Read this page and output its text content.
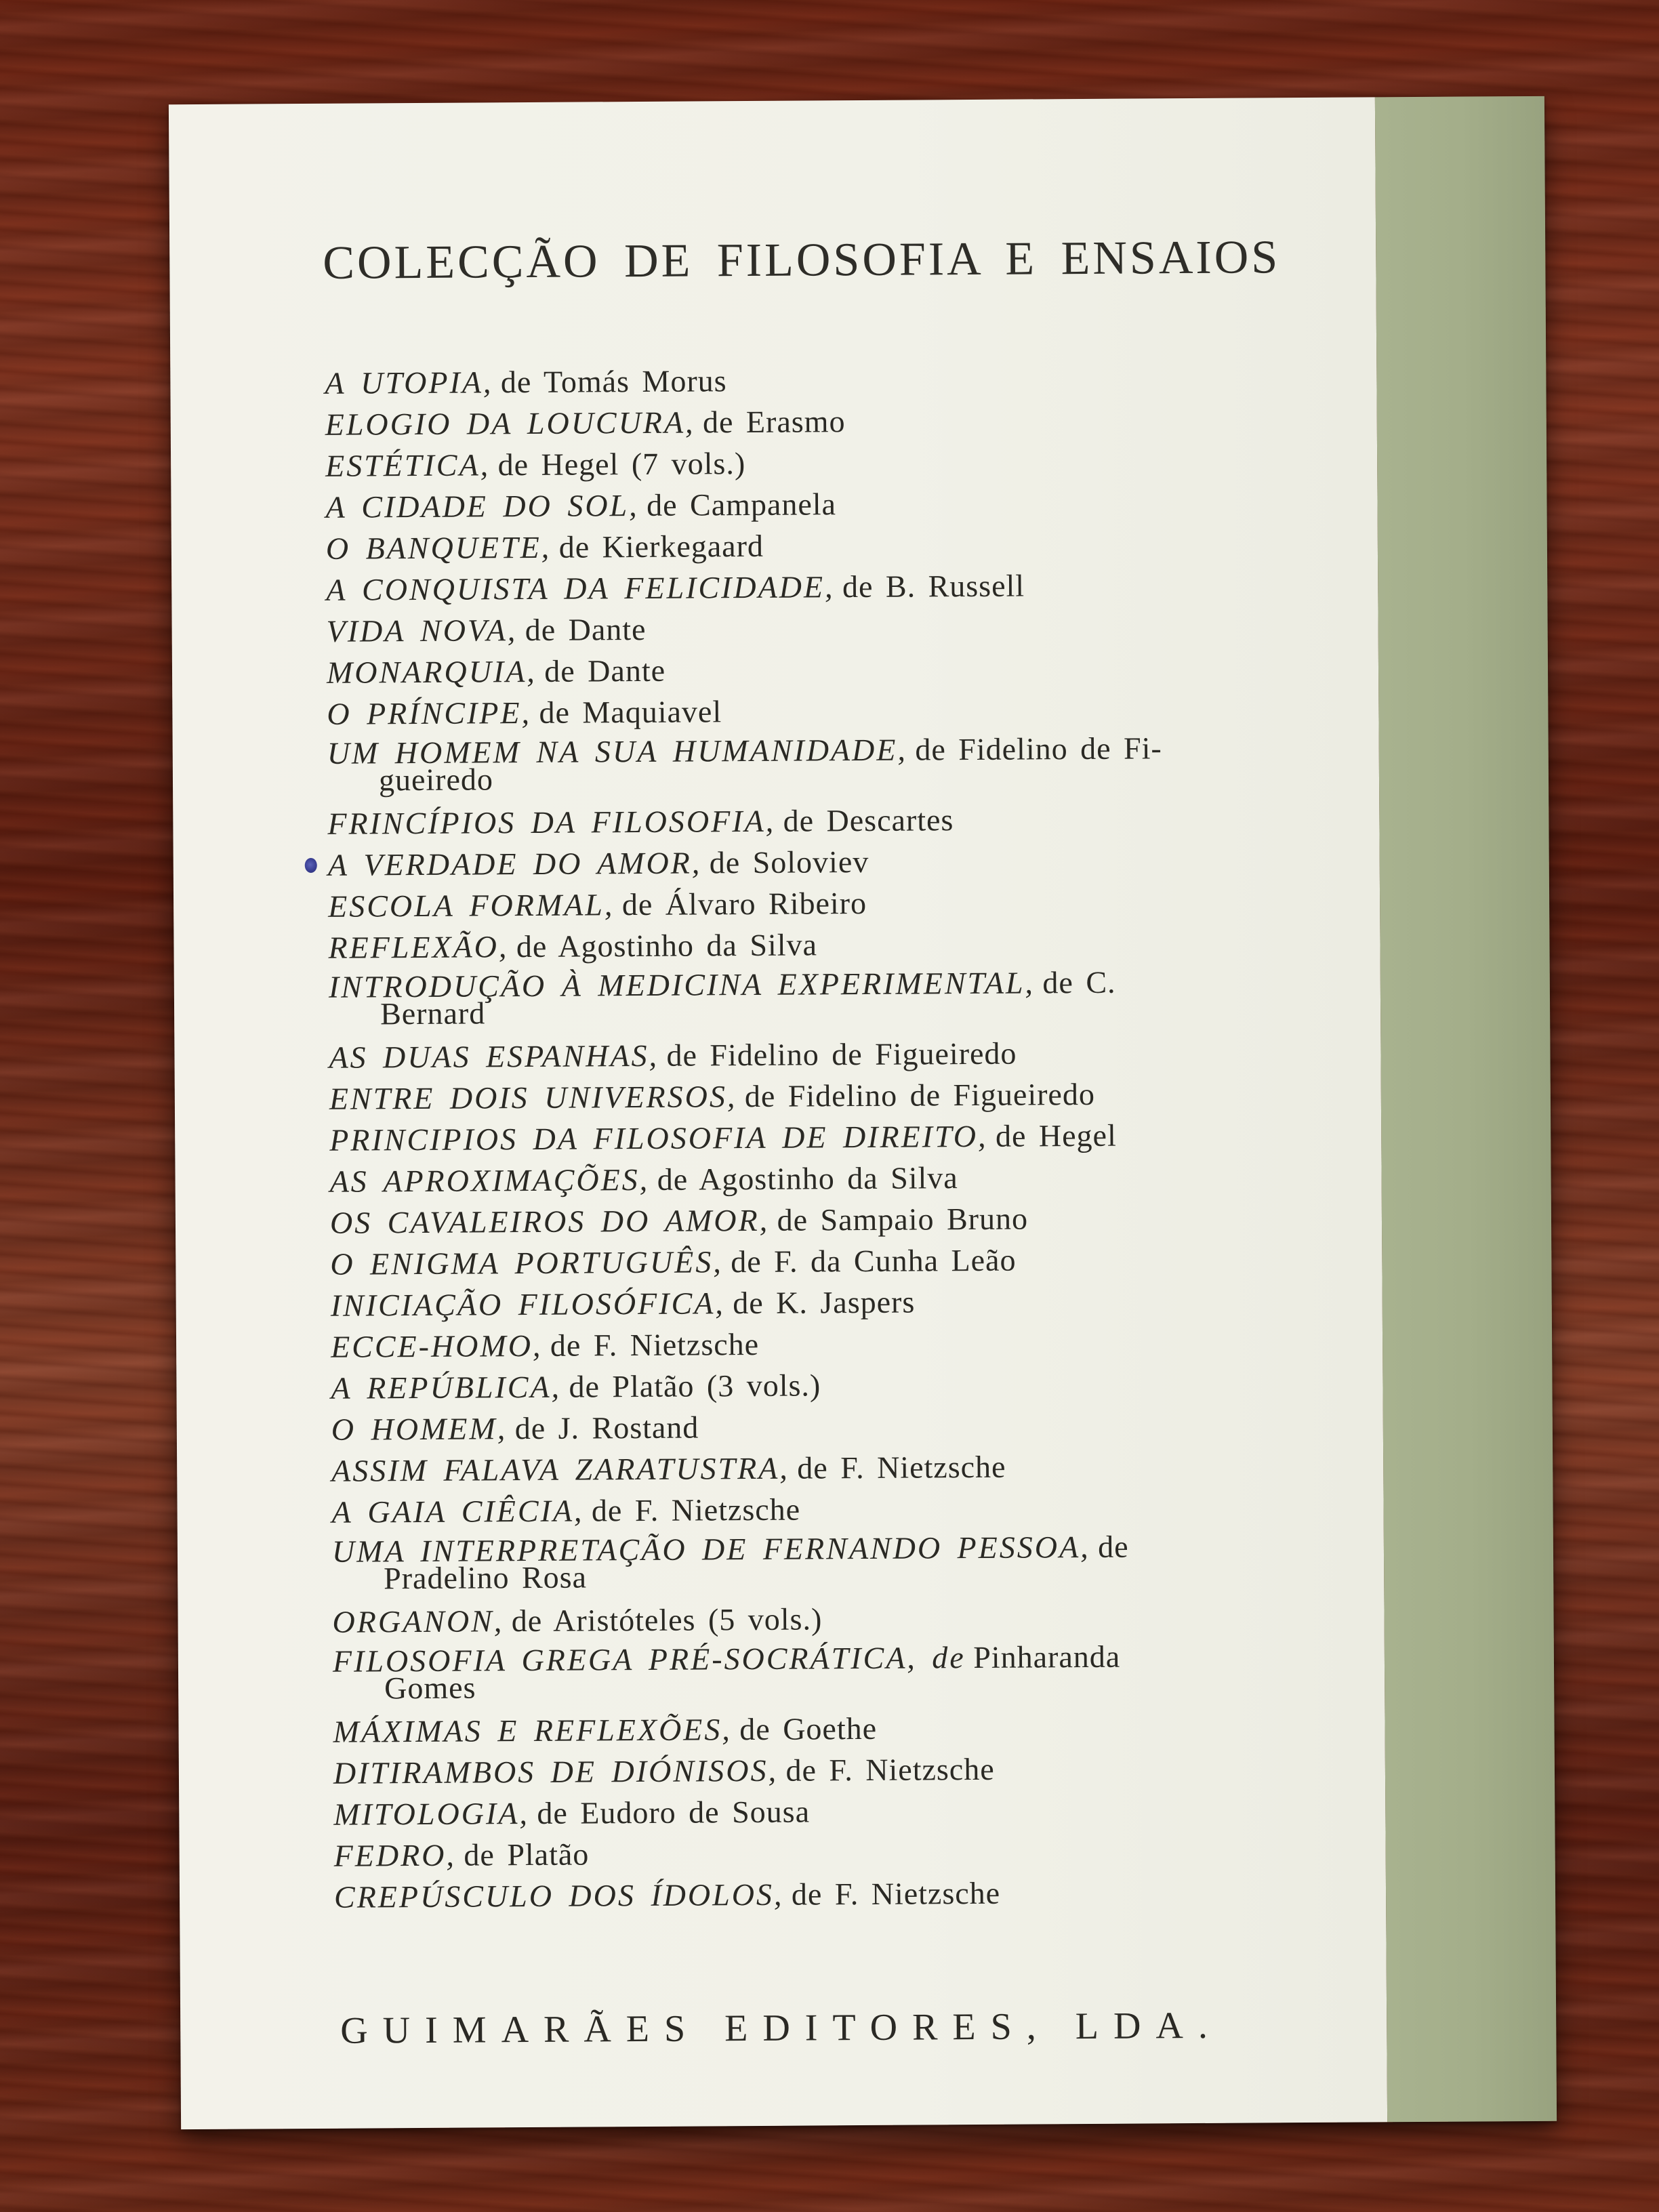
COLECÇÃO DE FILOSOFIA E ENSAIOS
A UTOPIA, de Tomás Morus
ELOGIO DA LOUCURA, de Erasmo
ESTÉTICA, de Hegel (7 vols.)
A CIDADE DO SOL, de Campanela
O BANQUETE, de Kierkegaard
A CONQUISTA DA FELICIDADE, de B. Russell
VIDA NOVA, de Dante
MONARQUIA, de Dante
O PRÍNCIPE, de Maquiavel
UM HOMEM NA SUA HUMANIDADE, de Fidelino de Fi-
gueiredo
FRINCÍPIOS DA FILOSOFIA, de Descartes
A VERDADE DO AMOR, de Soloviev
ESCOLA FORMAL, de Álvaro Ribeiro
REFLEXÃO, de Agostinho da Silva
INTRODUÇÃO À MEDICINA EXPERIMENTAL, de C.
Bernard
AS DUAS ESPANHAS, de Fidelino de Figueiredo
ENTRE DOIS UNIVERSOS, de Fidelino de Figueiredo
PRINCIPIOS DA FILOSOFIA DE DIREITO, de Hegel
AS APROXIMAÇÕES, de Agostinho da Silva
OS CAVALEIROS DO AMOR, de Sampaio Bruno
O ENIGMA PORTUGUÊS, de F. da Cunha Leão
INICIAÇÃO FILOSÓFICA, de K. Jaspers
ECCE-HOMO, de F. Nietzsche
A REPÚBLICA, de Platão (3 vols.)
O HOMEM, de J. Rostand
ASSIM FALAVA ZARATUSTRA, de F. Nietzsche
A GAIA CIÊCIA, de F. Nietzsche
UMA INTERPRETAÇÃO DE FERNANDO PESSOA, de
Pradelino Rosa
ORGANON, de Aristóteles (5 vols.)
FILOSOFIA GREGA PRÉ-SOCRÁTICA, de Pinharanda
Gomes
MÁXIMAS E REFLEXÕES, de Goethe
DITIRAMBOS DE DIÓNISOS, de F. Nietzsche
MITOLOGIA, de Eudoro de Sousa
FEDRO, de Platão
CREPÚSCULO DOS ÍDOLOS, de F. Nietzsche
GUIMARÃES EDITORES, LDA.
